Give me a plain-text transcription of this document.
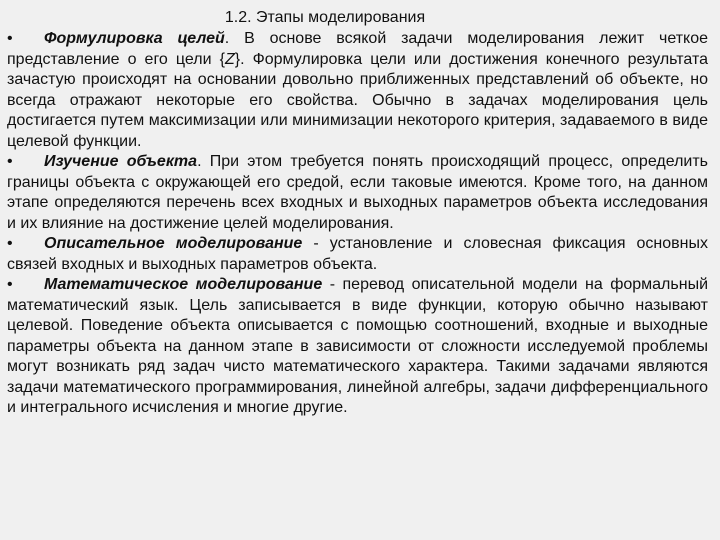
1.2. Этапы моделирования

• Формулировка целей. В основе всякой задачи моделирования лежит четкое представление о его цели {Z}. Формулировка цели или достижения конечного результата зачастую происходят на основании довольно приближенных представлений об объекте, но всегда отражают некоторые его свойства. Обычно в задачах моделирования цель достигается путем максимизации или минимизации некоторого критерия, задаваемого в виде целевой функции.

• Изучение объекта. При этом требуется понять происходящий процесс, определить границы объекта с окружающей его средой, если таковые имеются. Кроме того, на данном этапе определяются перечень всех входных и выходных параметров объекта исследования и их влияние на достижение целей моделирования.

• Описательное моделирование - установление и словесная фиксация основных связей входных и выходных параметров объекта.

• Математическое моделирование - перевод описательной модели на формальный математический язык. Цель записывается в виде функции, которую обычно называют целевой. Поведение объекта описывается с помощью соотношений, входные и выходные параметры объекта на данном этапе в зависимости от сложности исследуемой проблемы могут возникать ряд задач чисто математического характера. Такими задачами являются задачи математического программирования, линейной алгебры, задачи дифференциального и интегрального исчисления и многие другие.
